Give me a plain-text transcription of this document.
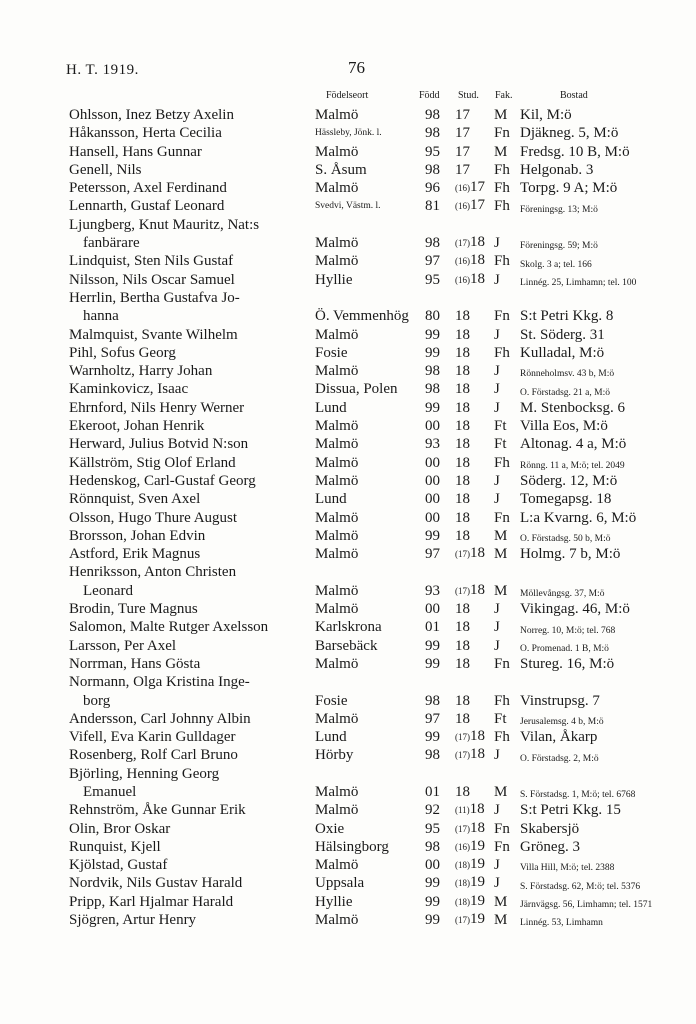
H. T. 1919.	76
Födelseort	Född Stud. Fak.	Bostad
Ohlsson, Inez Betzy Axelin	Malmö	98	17	M Kil, M:ö
Håkansson, Herta Cecilia	Hässleby, Jönk. l.	98	17	Fn Djäkneg. 5, M:ö
Hansell, Hans Gunnar	Malmö	95	17	M Fredsg. 10 B, M:ö
Genell, Nils	S. Åsum	98	17	Fh Helgonab. 3
Petersson, Axel Ferdinand	Malmö	96	(16)17 Fh Torpg. 9 A; M:ö
Lennarth, Gustaf Leonard	Svedvi, Västm. l.	81	(16)17 Fh	Föreningsg. 13; M:ö
Ljungberg, Knut Mauritz, Nat:s
fanbärare	Malmö	98	(17)18 J	Föreningsg. 59; M:ö
Lindquist, Sten Nils Gustaf	Malmö	97	(16)18 Fh	Skolg. 3 a; tel. 166
Nilsson, Nils Oscar Samuel	Hyllie	95	(16)18 J	Linnég. 25, Limhamn; tel. 100
Herrlin, Bertha Gustafva Jo-
hanna	Ö. Vemmenhög	80	18	Fn S:t Petri Kkg. 8
Malmquist, Svante Wilhelm	Malmö	99	18	J	St. Söderg. 31
Pihl, Sofus Georg	Fosie	99	18	Fh Kulladal, M:ö
Warnholtz, Harry Johan	Malmö	98	18	J	Rönneholmsv. 43 b, M:ö
Kaminkovicz, Isaac	Dissua, Polen	98	18	J	Ö. Förstadsg. 21 a, M:ö
Ehrnford, Nils Henry Werner	Lund	99	18	J	M. Stenbocksg. 6
Ekeroot, Johan Henrik	Malmö	00	18	Ft Villa Eos, M:ö
Herward, Julius Botvid N:son	Malmö	93	18	Ft Altonag. 4 a, M:ö
Källström, Stig Olof Erland	Malmö	00	18	Fh	Rönng. 11 a, M:ö; tel. 2049
Hedenskog, Carl-Gustaf Georg	Malmö	00	18	J	Söderg. 12, M:ö
Rönnquist, Sven Axel	Lund	00	18	J	Tomegapsg. 18
Olsson, Hugo Thure August	Malmö	00	18	Fn L:a Kvarng. 6, M:ö
Brorsson, Johan Edvin	Malmö	99	18	M	Ö. Förstadsg. 50 b, M:ö
Astford, Erik Magnus	Malmö	97	(17)18 M Holmg. 7 b, M:ö
Henriksson, Anton Christen
Leonard	Malmö	93	(17)18 M	Möllevångsg. 37, M:ö
Brodin, Ture Magnus	Malmö	00	18	J	Vikingag. 46, M:ö
Salomon, Malte Rutger Axelsson	Karlskrona	01	18	J	Norreg. 10, M:ö; tel. 768
Larsson, Per Axel	Barsebäck	99	18	J	Ö. Promenad. 1 B, M:ö
Norrman, Hans Gösta	Malmö	99	18	Fn Stureg. 16, M:ö
Normann, Olga Kristina Inge-
borg	Fosie	98	18	Fh Vinstrupsg. 7
Andersson, Carl Johnny Albin	Malmö	97	18	Ft	Jerusalemsg. 4 b, M:ö
Vifell, Eva Karin Gulldager	Lund	99	(17)18 Fh Vilan, Åkarp
Rosenberg, Rolf Carl Bruno	Hörby	98	(17)18 J	Ö. Förstadsg. 2, M:ö
Björling, Henning Georg
Emanuel	Malmö	01	18	M	S. Förstadsg. 1, M:ö; tel. 6768
Rehnström, Åke Gunnar Erik	Malmö	92	(11)18 J	S:t Petri Kkg. 15
Olin, Bror Oskar	Oxie	95	(17)18 Fn Skabersjö
Runquist, Kjell	Hälsingborg	98	(16)19 Fn Gröneg. 3
Kjölstad, Gustaf	Malmö	00	(18)19 J	Villa Hill, M:ö; tel. 2388
Nordvik, Nils Gustav Harald	Uppsala	99	(18)19 J	S. Förstadsg. 62, M:ö; tel. 5376
Pripp, Karl Hjalmar Harald	Hyllie	99	(18)19 M	Järnvägsg. 56, Limhamn; tel. 1571
Sjögren, Artur Henry	Malmö	99	(17)19 M	Linnég. 53, Limhamn
